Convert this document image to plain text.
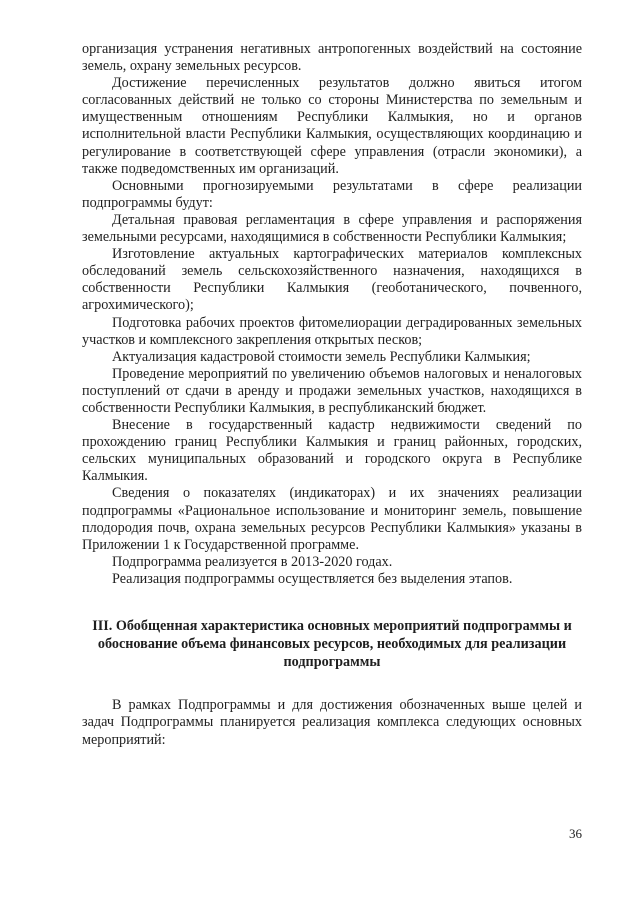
организация устранения негативных антропогенных воздействий на состояние земель, охрану земельных ресурсов.

Достижение перечисленных результатов должно явиться итогом согласованных действий не только со стороны Министерства по земельным и имущественным отношениям Республики Калмыкия, но и органов исполнительной власти Республики Калмыкия, осуществляющих координацию и регулирование в соответствующей сфере управления (отрасли экономики), а также подведомственных им организаций.

Основными прогнозируемыми результатами в сфере реализации подпрограммы будут:

Детальная правовая регламентация в сфере управления и распоряжения земельными ресурсами, находящимися в собственности Республики Калмыкия;

Изготовление актуальных картографических материалов комплексных обследований земель сельскохозяйственного назначения, находящихся в собственности Республики Калмыкия (геоботанического, почвенного, агрохимического);

Подготовка рабочих проектов фитомелиорации деградированных земельных участков и комплексного закрепления открытых песков;

Актуализация кадастровой стоимости земель Республики Калмыкия;

Проведение мероприятий по увеличению объемов налоговых и неналоговых поступлений от сдачи в аренду и продажи земельных участков, находящихся в собственности Республики Калмыкия, в республиканский бюджет.

Внесение в государственный кадастр недвижимости сведений по прохождению границ Республики Калмыкия и границ районных, городских, сельских муниципальных образований и городского округа в Республике Калмыкия.

Сведения о показателях (индикаторах) и их значениях реализации подпрограммы «Рациональное использование и мониторинг земель, повышение плодородия почв, охрана земельных ресурсов Республики Калмыкия» указаны в Приложении 1 к Государственной программе.

Подпрограмма реализуется в 2013-2020 годах.

Реализация подпрограммы осуществляется без выделения этапов.

III. Обобщенная характеристика основных мероприятий подпрограммы и обоснование объема финансовых ресурсов, необходимых для реализации подпрограммы

В рамках Подпрограммы и для достижения обозначенных выше целей и задач Подпрограммы планируется реализация комплекса следующих основных мероприятий:

36
